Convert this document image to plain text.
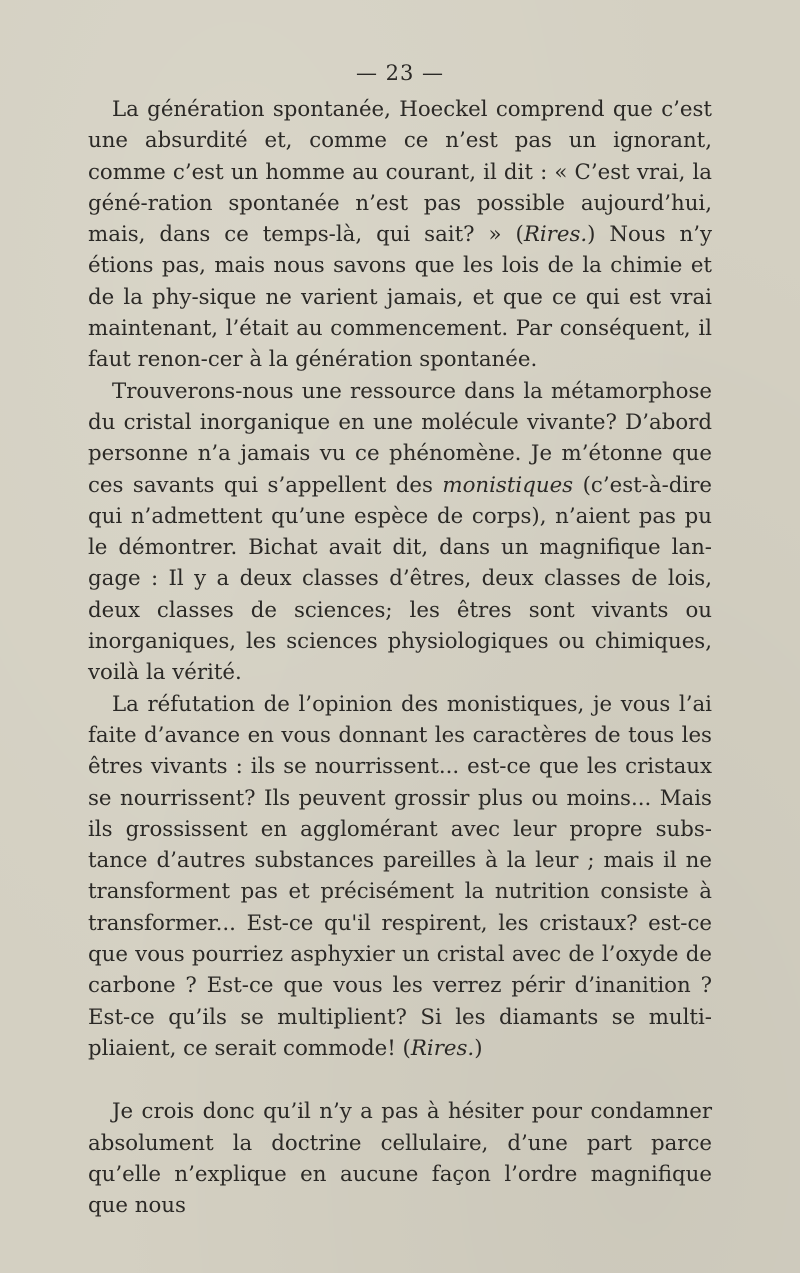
— 23 —

La génération spontanée, Hoeckel comprend que c’est une absurdité et, comme ce n’est pas un ignorant, comme c’est un homme au courant, il dit : « C’est vrai, la géné-ration spontanée n’est pas possible aujourd’hui, mais, dans ce temps-là, qui sait? » (Rires.) Nous n’y étions pas, mais nous savons que les lois de la chimie et de la phy-sique ne varient jamais, et que ce qui est vrai maintenant, l’était au commencement. Par conséquent, il faut renon-cer à la génération spontanée.

Trouverons-nous une ressource dans la métamorphose du cristal inorganique en une molécule vivante? D’abord personne n’a jamais vu ce phénomène. Je m’étonne que ces savants qui s’appellent des monistiques (c’est-à-dire qui n’admettent qu’une espèce de corps), n’aient pas pu le démontrer. Bichat avait dit, dans un magnifique lan-gage : Il y a deux classes d’êtres, deux classes de lois, deux classes de sciences; les êtres sont vivants ou inorganiques, les sciences physiologiques ou chimiques, voilà la vérité.

La réfutation de l’opinion des monistiques, je vous l’ai faite d’avance en vous donnant les caractères de tous les êtres vivants : ils se nourrissent... est-ce que les cristaux se nourrissent? Ils peuvent grossir plus ou moins... Mais ils grossissent en agglomérant avec leur propre subs-tance d’autres substances pareilles à la leur ; mais il ne transforment pas et précisément la nutrition consiste à transformer... Est-ce qu'il respirent, les cristaux? est-ce que vous pourriez asphyxier un cristal avec de l’oxyde de carbone ? Est-ce que vous les verrez périr d’inanition ? Est-ce qu’ils se multiplient? Si les diamants se multi-pliaient, ce serait commode! (Rires.)

Je crois donc qu’il n’y a pas à hésiter pour condamner absolument la doctrine cellulaire, d’une part parce qu’elle n’explique en aucune façon l’ordre magnifique que nous
